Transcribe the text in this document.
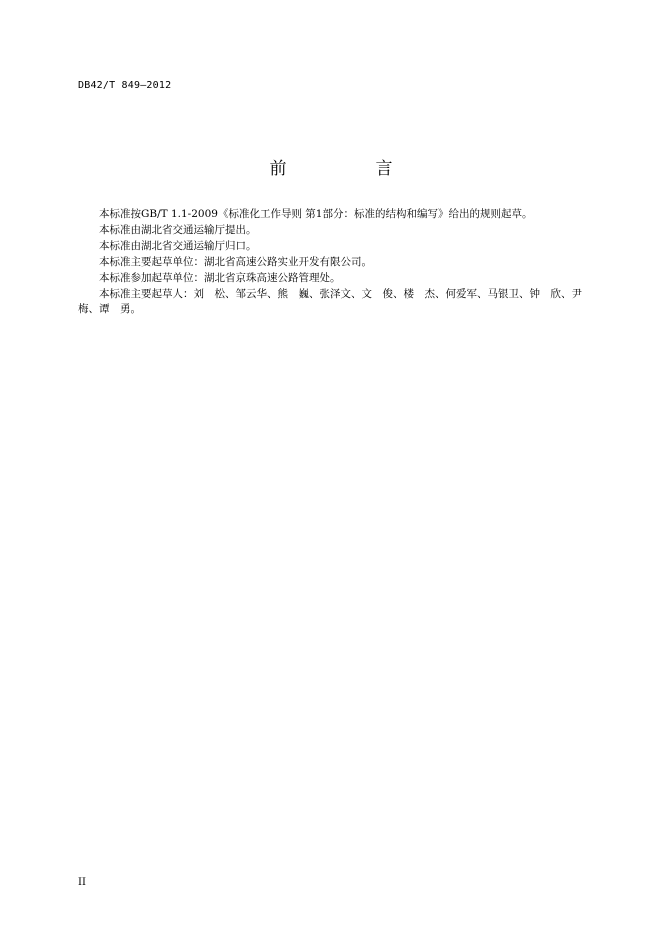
DB42/T 849—2012
前　言

本标准按GB/T 1.1-2009《标准化工作导则 第1部分：标准的结构和编写》给出的规则起草。

本标准由湖北省交通运输厅提出。

本标准由湖北省交通运输厅归口。

本标准主要起草单位：湖北省高速公路实业开发有限公司。

本标准参加起草单位：湖北省京珠高速公路管理处。

本标准主要起草人：刘　松、邹云华、熊　巍、张泽文、文　俊、楼　杰、何爱军、马银卫、钟　欣、尹　梅、谭　勇。

II
